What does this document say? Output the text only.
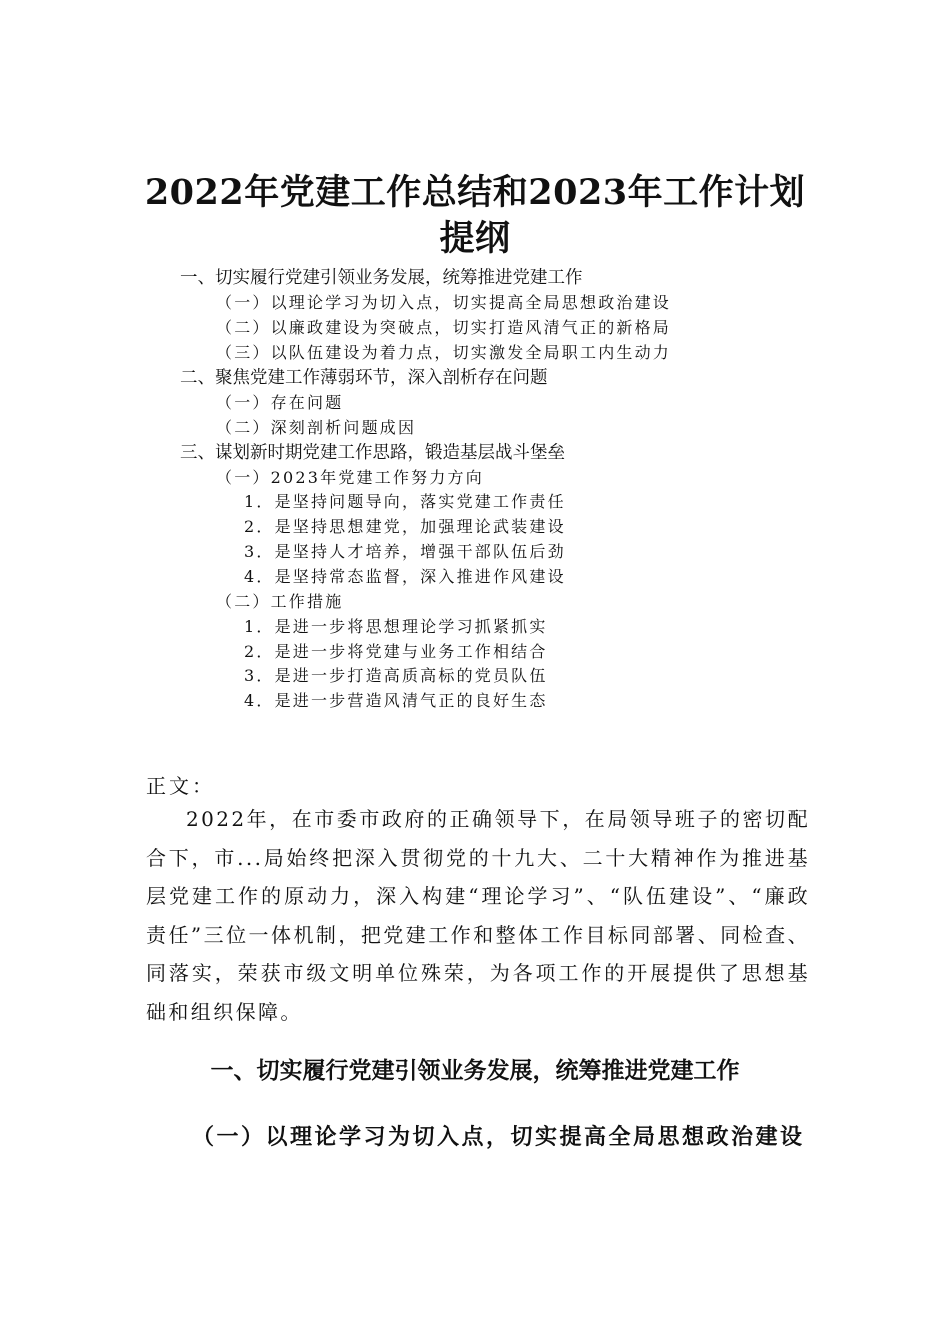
2022年党建工作总结和2023年工作计划
提纲
一、切实履行党建引领业务发展，统筹推进党建工作
（一）以理论学习为切入点，切实提高全局思想政治建设
（二）以廉政建设为突破点，切实打造风清气正的新格局
（三）以队伍建设为着力点，切实激发全局职工内生动力
二、聚焦党建工作薄弱环节，深入剖析存在问题
（一）存在问题
（二）深刻剖析问题成因
三、谋划新时期党建工作思路，锻造基层战斗堡垒
（一）2023年党建工作努力方向
1．是坚持问题导向，落实党建工作责任
2．是坚持思想建党，加强理论武装建设
3．是坚持人才培养，增强干部队伍后劲
4．是坚持常态监督，深入推进作风建设
（二）工作措施
1．是进一步将思想理论学习抓紧抓实
2．是进一步将党建与业务工作相结合
3．是进一步打造高质高标的党员队伍
4．是进一步营造风清气正的良好生态
正文：

2022年，在市委市政府的正确领导下，在局领导班子的密切配合下，市...局始终把深入贯彻党的十九大、二十大精神作为推进基层党建工作的原动力，深入构建“理论学习”、“队伍建设”、“廉政责任”三位一体机制，把党建工作和整体工作目标同部署、同检查、同落实，荣获市级文明单位殊荣，为各项工作的开展提供了思想基础和组织保障。

一、切实履行党建引领业务发展，统筹推进党建工作

（一）以理论学习为切入点，切实提高全局思想政治建设
